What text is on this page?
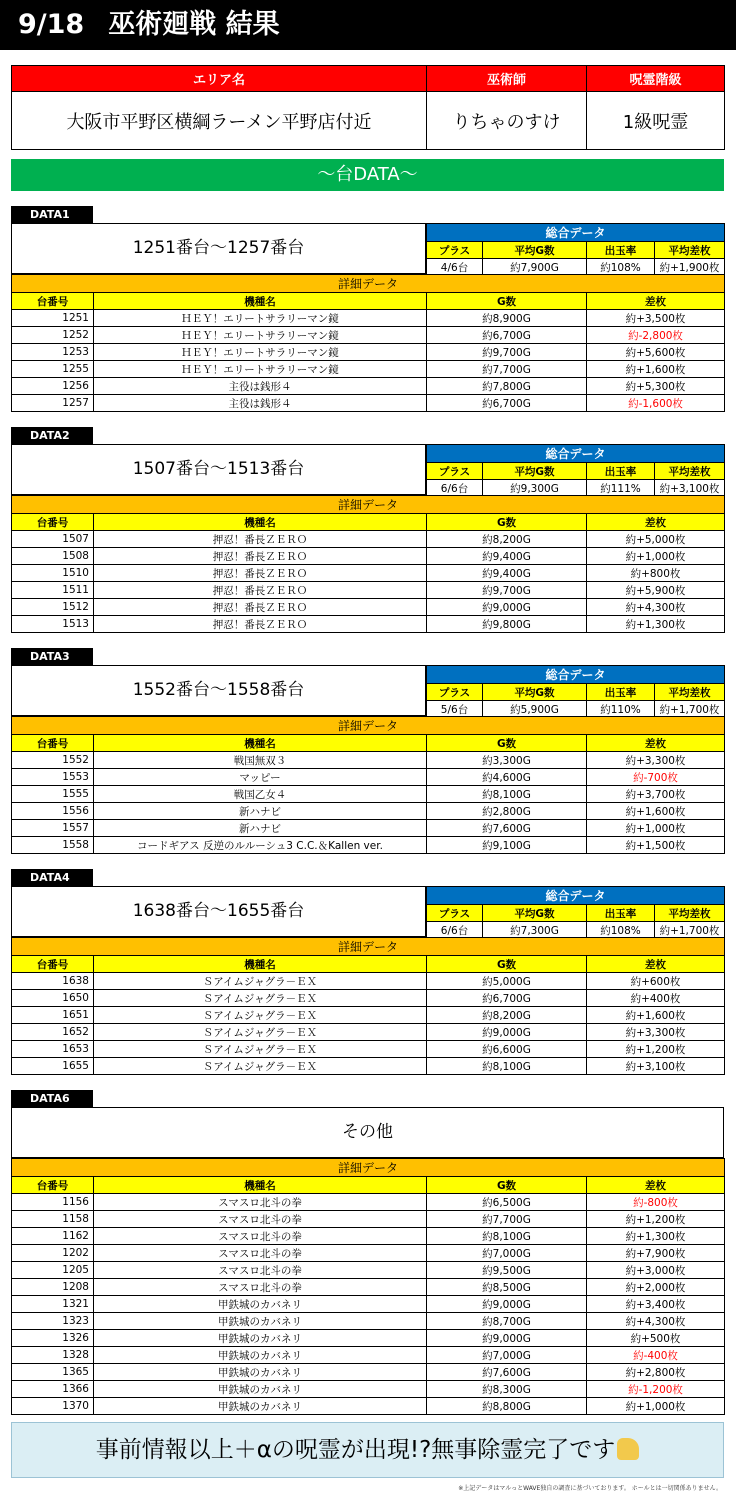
9/18 巫術廻戦 結果
エリア名	巫術師	呪霊階級
大阪市平野区横綱ラーメン平野店付近	りちゃのすけ	1級呪霊
～台DATA～
DATA1
1251番台～1257番台
総合データ			
プラス	平均G数	出玉率	平均差枚
4/6台	約7,900G	約108%	約+1,900枚
詳細データ			
台番号	機種名	G数	差枚
1251	ＨＥＹ！エリートサラリーマン鏡	約8,900G	約+3,500枚
1252	ＨＥＹ！エリートサラリーマン鏡	約6,700G	約-2,800枚
1253	ＨＥＹ！エリートサラリーマン鏡	約9,700G	約+5,600枚
1255	ＨＥＹ！エリートサラリーマン鏡	約7,700G	約+1,600枚
1256	主役は銭形４	約7,800G	約+5,300枚
1257	主役は銭形４	約6,700G	約-1,600枚
DATA2
1507番台～1513番台
総合データ			
プラス	平均G数	出玉率	平均差枚
6/6台	約9,300G	約111%	約+3,100枚
詳細データ			
台番号	機種名	G数	差枚
1507	押忍！番長ＺＥＲＯ	約8,200G	約+5,000枚
1508	押忍！番長ＺＥＲＯ	約9,400G	約+1,000枚
1510	押忍！番長ＺＥＲＯ	約9,400G	約+800枚
1511	押忍！番長ＺＥＲＯ	約9,700G	約+5,900枚
1512	押忍！番長ＺＥＲＯ	約9,000G	約+4,300枚
1513	押忍！番長ＺＥＲＯ	約9,800G	約+1,300枚
DATA3
1552番台～1558番台
総合データ			
プラス	平均G数	出玉率	平均差枚
5/6台	約5,900G	約110%	約+1,700枚
詳細データ			
台番号	機種名	G数	差枚
1552	戦国無双３	約3,300G	約+3,300枚
1553	マッピー	約4,600G	約-700枚
1555	戦国乙女４	約8,100G	約+3,700枚
1556	新ハナビ	約2,800G	約+1,600枚
1557	新ハナビ	約7,600G	約+1,000枚
1558	コードギアス 反逆のルルーシュ3 C.C.＆Kallen ver.	約9,100G	約+1,500枚
DATA4
1638番台～1655番台
総合データ			
プラス	平均G数	出玉率	平均差枚
6/6台	約7,300G	約108%	約+1,700枚
詳細データ			
台番号	機種名	G数	差枚
1638	Ｓアイムジャグラ－ＥＸ	約5,000G	約+600枚
1650	Ｓアイムジャグラ－ＥＸ	約6,700G	約+400枚
1651	Ｓアイムジャグラ－ＥＸ	約8,200G	約+1,600枚
1652	Ｓアイムジャグラ－ＥＸ	約9,000G	約+3,300枚
1653	Ｓアイムジャグラ－ＥＸ	約6,600G	約+1,200枚
1655	Ｓアイムジャグラ－ＥＸ	約8,100G	約+3,100枚
DATA6
その他
詳細データ			
台番号	機種名	G数	差枚
1156	スマスロ北斗の拳	約6,500G	約-800枚
1158	スマスロ北斗の拳	約7,700G	約+1,200枚
1162	スマスロ北斗の拳	約8,100G	約+1,300枚
1202	スマスロ北斗の拳	約7,000G	約+7,900枚
1205	スマスロ北斗の拳	約9,500G	約+3,000枚
1208	スマスロ北斗の拳	約8,500G	約+2,000枚
1321	甲鉄城のカバネリ	約9,000G	約+3,400枚
1323	甲鉄城のカバネリ	約8,700G	約+4,300枚
1326	甲鉄城のカバネリ	約9,000G	約+500枚
1328	甲鉄城のカバネリ	約7,000G	約-400枚
1365	甲鉄城のカバネリ	約7,600G	約+2,800枚
1366	甲鉄城のカバネリ	約8,300G	約-1,200枚
1370	甲鉄城のカバネリ	約8,800G	約+1,000枚
事前情報以上＋αの呪霊が出現!?無事除霊完了です
※上記データはマルっとWAVE独自の調査に基づいております。 ホールとは一切関係ありません。
